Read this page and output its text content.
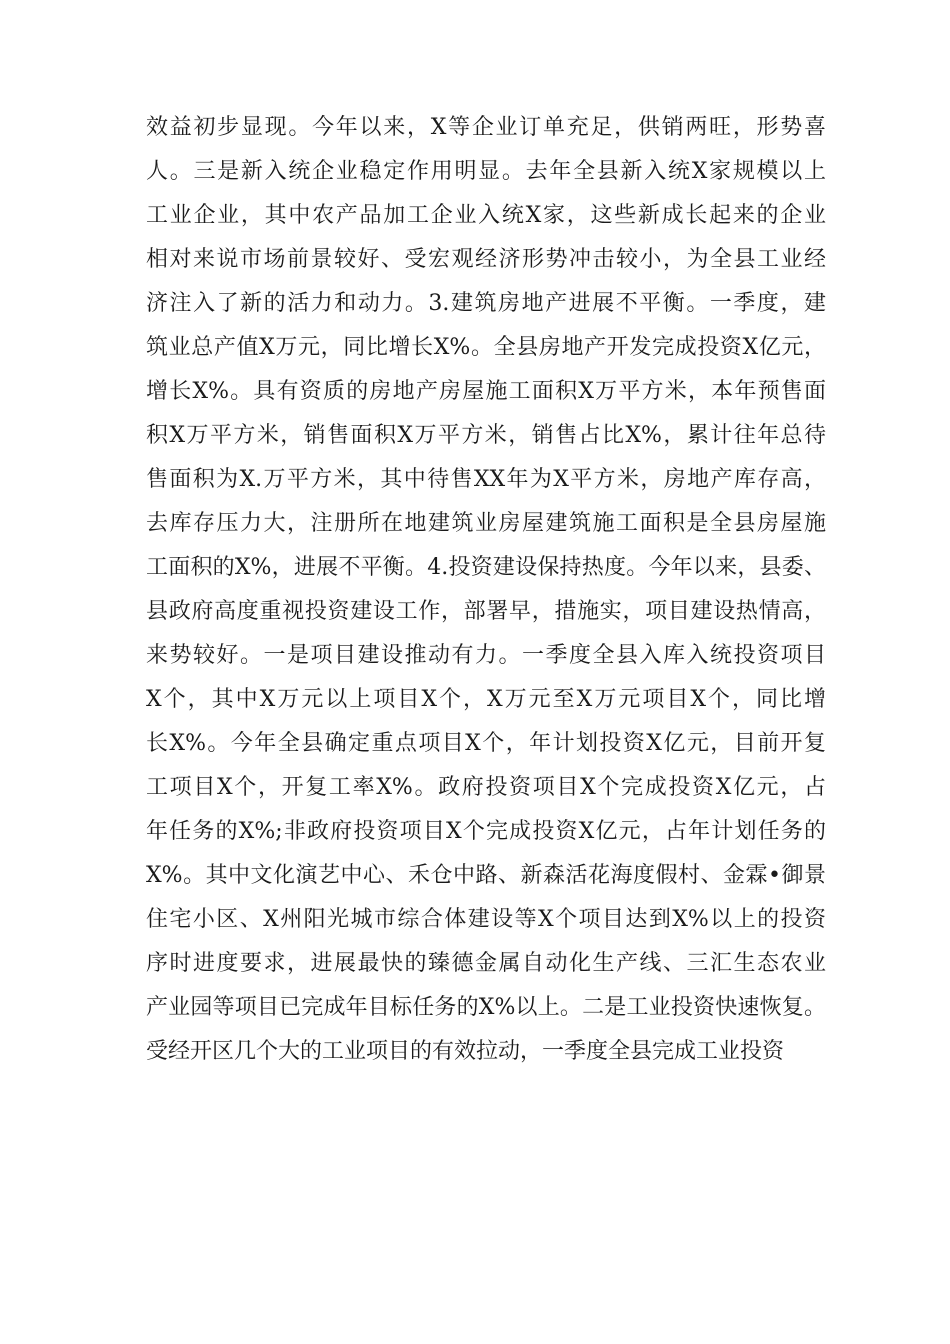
效益初步显现。今年以来，X等企业订单充足，供销两旺，形势喜
人。三是新入统企业稳定作用明显。去年全县新入统X家规模以上
工业企业，其中农产品加工企业入统X家，这些新成长起来的企业
相对来说市场前景较好、受宏观经济形势冲击较小，为全县工业经
济注入了新的活力和动力。3.建筑房地产进展不平衡。一季度，建
筑业总产值X万元，同比增长X%。全县房地产开发完成投资X亿元，
增长X%。具有资质的房地产房屋施工面积X万平方米，本年预售面
积X万平方米，销售面积X万平方米，销售占比X%，累计往年总待
售面积为X.万平方米，其中待售XX年为X平方米，房地产库存高，
去库存压力大，注册所在地建筑业房屋建筑施工面积是全县房屋施
工面积的X%，进展不平衡。4.投资建设保持热度。今年以来，县委、
县政府高度重视投资建设工作，部署早，措施实，项目建设热情高，
来势较好。一是项目建设推动有力。一季度全县入库入统投资项目
X个，其中X万元以上项目X个，X万元至X万元项目X个，同比增
长X%。今年全县确定重点项目X个，年计划投资X亿元，目前开复
工项目X个，开复工率X%。政府投资项目X个完成投资X亿元，占
年任务的X%;非政府投资项目X个完成投资X亿元，占年计划任务的
X%。其中文化演艺中心、禾仓中路、新森活花海度假村、金霖•御景
住宅小区、X州阳光城市综合体建设等X个项目达到X%以上的投资
序时进度要求，进展最快的臻德金属自动化生产线、三汇生态农业
产业园等项目已完成年目标任务的X%以上。二是工业投资快速恢复。
受经开区几个大的工业项目的有效拉动，一季度全县完成工业投资
